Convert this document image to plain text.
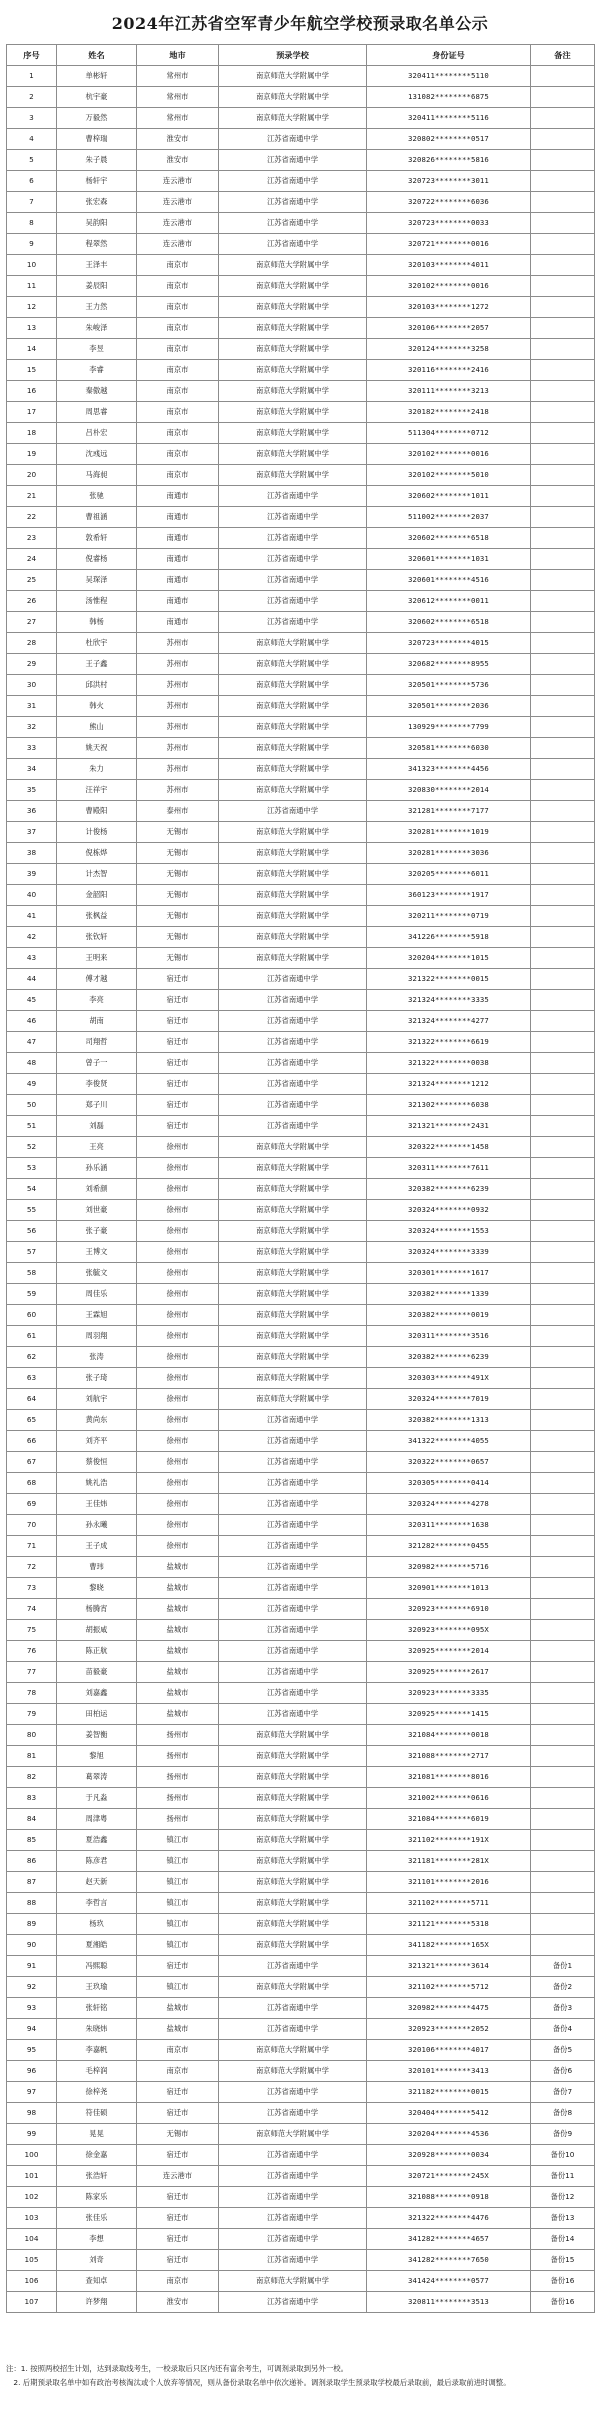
2024年江苏省空军青少年航空学校预录取名单公示
序号	姓名	地市	预录学校	身份证号	备注
1	单彬轩	常州市	南京师范大学附属中学	320411********5110	
2	杭宇豪	常州市	南京师范大学附属中学	131082********6875	
3	万毅然	常州市	南京师范大学附属中学	320411********5116	
4	曹梓瑞	淮安市	江苏省南通中学	320802********0517	
5	朱子晨	淮安市	江苏省南通中学	320826********5816	
6	杨轩宇	连云港市	江苏省南通中学	320723********3011	
7	张宏森	连云港市	江苏省南通中学	320722********6036	
8	吴韵阳	连云港市	江苏省南通中学	320723********0033	
9	程翠然	连云港市	江苏省南通中学	320721********0016	
10	王泽丰	南京市	南京师范大学附属中学	320103********4011	
11	姜辰阳	南京市	南京师范大学附属中学	320102********0016	
12	王力然	南京市	南京师范大学附属中学	320103********1272	
13	朱峻泽	南京市	南京师范大学附属中学	320106********2057	
14	李昱	南京市	南京师范大学附属中学	320124********3258	
15	李睿	南京市	南京师范大学附属中学	320116********2416	
16	秦傲越	南京市	南京师范大学附属中学	320111********3213	
17	周思睿	南京市	南京师范大学附属中学	320182********2418	
18	吕朴宏	南京市	南京师范大学附属中学	511304********0712	
19	沈彧远	南京市	南京师范大学附属中学	320102********0016	
20	马海昶	南京市	南京师范大学附属中学	320102********5010	
21	张驰	南通市	江苏省南通中学	320602********1011	
22	曹祖涵	南通市	江苏省南通中学	511002********2037	
23	敦希轩	南通市	江苏省南通中学	320602********6518	
24	倪睿杨	南通市	江苏省南通中学	320601********1031	
25	吴琛泽	南通市	江苏省南通中学	320601********4516	
26	汤惟程	南通市	江苏省南通中学	320612********0011	
27	韩杨	南通市	江苏省南通中学	320602********6518	
28	杜欣宇	苏州市	南京师范大学附属中学	320723********4015	
29	王子鑫	苏州市	南京师范大学附属中学	320682********8955	
30	邱洪村	苏州市	南京师范大学附属中学	320501********5736	
31	韩火	苏州市	南京师范大学附属中学	320501********2036	
32	熊山	苏州市	南京师范大学附属中学	130929********7799	
33	姚天祝	苏州市	南京师范大学附属中学	320581********6030	
34	朱力	苏州市	南京师范大学附属中学	341323********4456	
35	汪祥宇	苏州市	南京师范大学附属中学	320830********2014	
36	曹殿阳	泰州市	江苏省南通中学	321281********7177	
37	计俊杨	无锡市	南京师范大学附属中学	320281********1019	
38	倪栋烨	无锡市	南京师范大学附属中学	320281********3036	
39	计杰智	无锡市	南京师范大学附属中学	320205********6011	
40	金韶阳	无锡市	南京师范大学附属中学	360123********1917	
41	张枫益	无锡市	南京师范大学附属中学	320211********0719	
42	张钦轩	无锡市	南京师范大学附属中学	341226********5918	
43	王明来	无锡市	南京师范大学附属中学	320204********1015	
44	傅才越	宿迁市	江苏省南通中学	321322********0015	
45	李亮	宿迁市	江苏省南通中学	321324********3335	
46	胡南	宿迁市	江苏省南通中学	321324********4277	
47	司翔哲	宿迁市	江苏省南通中学	321322********6619	
48	曾子一	宿迁市	江苏省南通中学	321322********0038	
49	李俊贤	宿迁市	江苏省南通中学	321324********1212	
50	郑子川	宿迁市	江苏省南通中学	321302********6038	
51	刘磊	宿迁市	江苏省南通中学	321321********2431	
52	王亮	徐州市	南京师范大学附属中学	320322********1458	
53	孙乐涵	徐州市	南京师范大学附属中学	320311********7611	
54	刘希颜	徐州市	南京师范大学附属中学	320382********6239	
55	刘世豪	徐州市	南京师范大学附属中学	320324********0932	
56	张子豪	徐州市	南京师范大学附属中学	320324********1553	
57	王博文	徐州市	南京师范大学附属中学	320324********3339	
58	张毓文	徐州市	南京师范大学附属中学	320301********1617	
59	周佳乐	徐州市	南京师范大学附属中学	320382********1339	
60	王霖旭	徐州市	南京师范大学附属中学	320382********0019	
61	周羽翔	徐州市	南京师范大学附属中学	320311********3516	
62	张涛	徐州市	南京师范大学附属中学	320382********6239	
63	张子琦	徐州市	南京师范大学附属中学	320303********491X	
64	刘航宇	徐州市	南京师范大学附属中学	320324********7019	
65	黄尚东	徐州市	江苏省南通中学	320382********1313	
66	刘齐平	徐州市	江苏省南通中学	341322********4055	
67	蔡俊恒	徐州市	江苏省南通中学	320322********0657	
68	姚礼浩	徐州市	江苏省南通中学	320305********0414	
69	王佳炜	徐州市	江苏省南通中学	320324********4278	
70	孙永曦	徐州市	江苏省南通中学	320311********1638	
71	王子成	徐州市	江苏省南通中学	321282********0455	
72	曹玮	盐城市	江苏省南通中学	320982********5716	
73	黎晓	盐城市	江苏省南通中学	320901********1013	
74	杨腾宵	盐城市	江苏省南通中学	320923********6910	
75	胡振咸	盐城市	江苏省南通中学	320923********095X	
76	陈正航	盐城市	江苏省南通中学	320925********2014	
77	苗毅豪	盐城市	江苏省南通中学	320925********2617	
78	刘嘉鑫	盐城市	江苏省南通中学	320923********3335	
79	田柏运	盐城市	江苏省南通中学	320925********1415	
80	姜智衡	扬州市	南京师范大学附属中学	321084********0018	
81	黎旭	扬州市	南京师范大学附属中学	321088********2717	
82	葛翠涛	扬州市	南京师范大学附属中学	321081********8016	
83	于凡淼	扬州市	南京师范大学附属中学	321002********0616	
84	周津粤	扬州市	南京师范大学附属中学	321084********6019	
85	夏浩鑫	镇江市	南京师范大学附属中学	321102********191X	
86	陈彦君	镇江市	南京师范大学附属中学	321181********281X	
87	赵天新	镇江市	南京师范大学附属中学	321101********2016	
88	李哲言	镇江市	南京师范大学附属中学	321102********5711	
89	杨玖	镇江市	南京师范大学附属中学	321121********5318	
90	夏湘皓	镇江市	南京师范大学附属中学	341182********165X	
91	冯熙聪	宿迁市	江苏省南通中学	321321********3614	备份1
92	王玖瑜	镇江市	南京师范大学附属中学	321102********5712	备份2
93	张轩铭	盐城市	江苏省南通中学	320982********4475	备份3
94	朱晓炜	盐城市	江苏省南通中学	320923********2052	备份4
95	李嘉帆	南京市	南京师范大学附属中学	320106********4017	备份5
96	毛梓润	南京市	南京师范大学附属中学	320101********3413	备份6
97	徐梓尧	宿迁市	江苏省南通中学	321182********0015	备份7
98	符佳硕	宿迁市	江苏省南通中学	320404********5412	备份8
99	晃晃	无锡市	南京师范大学附属中学	320204********4536	备份9
100	徐金嘉	宿迁市	江苏省南通中学	320928********0034	备份10
101	张浩轩	连云港市	江苏省南通中学	320721********245X	备份11
102	陈家乐	宿迁市	江苏省南通中学	321088********0918	备份12
103	张佳乐	宿迁市	江苏省南通中学	321322********4476	备份13
104	李想	宿迁市	江苏省南通中学	341282********4657	备份14
105	刘奇	宿迁市	江苏省南通中学	341282********7650	备份15
106	查知卓	南京市	南京师范大学附属中学	341424********0577	备份16
107	许梦翔	淮安市	江苏省南通中学	320811********3513	备份16

注：1. 按照两校招生计划，达到录取线考生，一校录取后只区内还有富余考生，可调剂录取到另外一校。

 2. 后期预录取名单中如有政治考核淘汰或个人放弃等情况，则从备份录取名单中依次递补。调剂录取学生预录取学校最后录取前，最后录取前进时调整。
